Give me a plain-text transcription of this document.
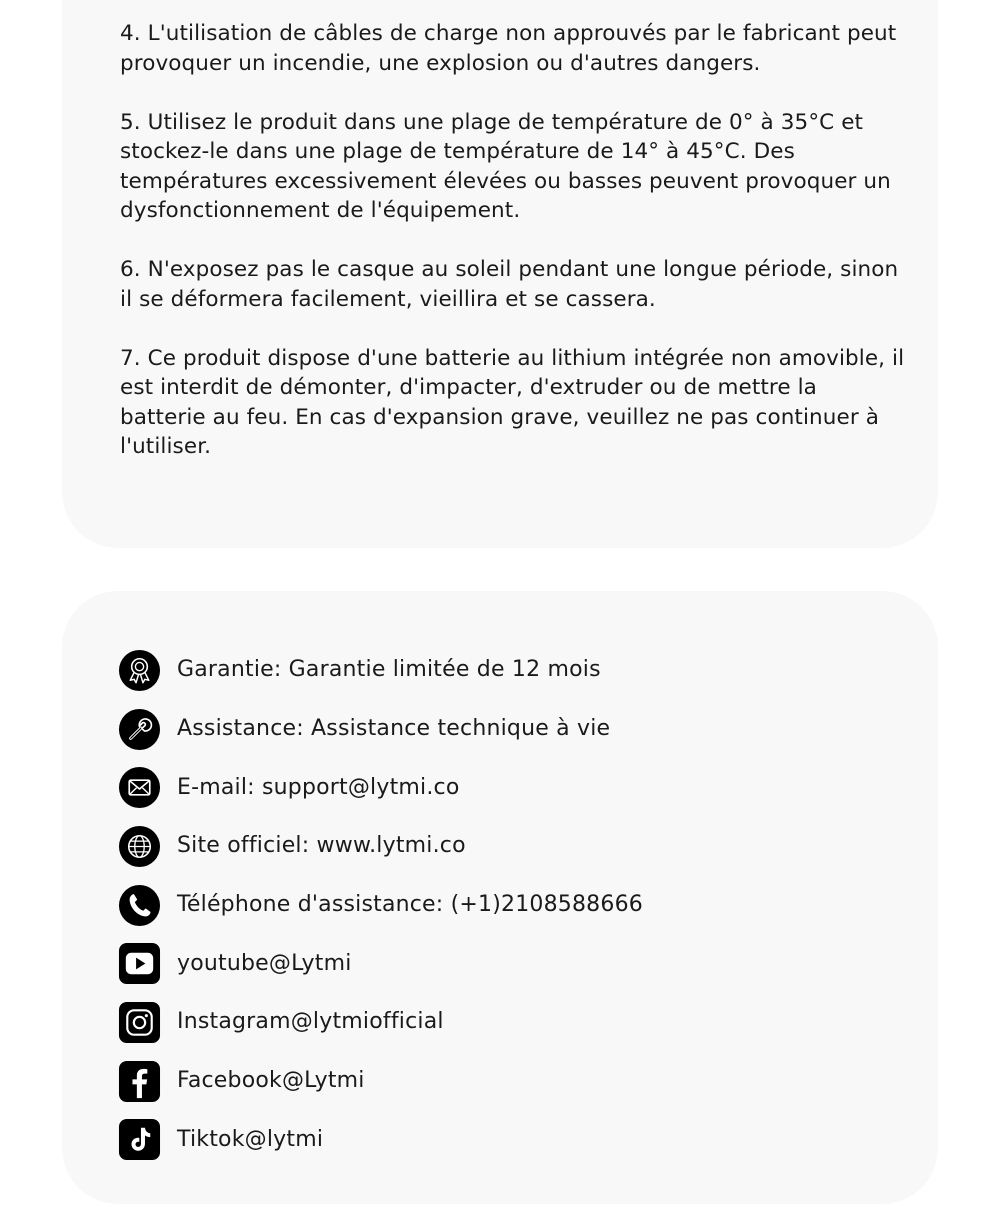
4. L'utilisation de câbles de charge non approuvés par le fabricant peut provoquer un incendie, une explosion ou d'autres dangers.

5. Utilisez le produit dans une plage de température de 0° à 35°C et stockez-le dans une plage de température de 14° à 45°C. Des températures excessivement élevées ou basses peuvent provoquer un dysfonctionnement de l'équipement.

6. N'exposez pas le casque au soleil pendant une longue période, sinon il se déformera facilement, vieillira et se cassera.

7. Ce produit dispose d'une batterie au lithium intégrée non amovible, il est interdit de démonter, d'impacter, d'extruder ou de mettre la batterie au feu. En cas d'expansion grave, veuillez ne pas continuer à l'utiliser.

Garantie: Garantie limitée de 12 mois
Assistance: Assistance technique à vie
E-mail: support@lytmi.co
Site officiel: www.lytmi.co
Téléphone d'assistance: (+1)2108588666
youtube@Lytmi
Instagram@lytmiofficial
Facebook@Lytmi
Tiktok@lytmi
